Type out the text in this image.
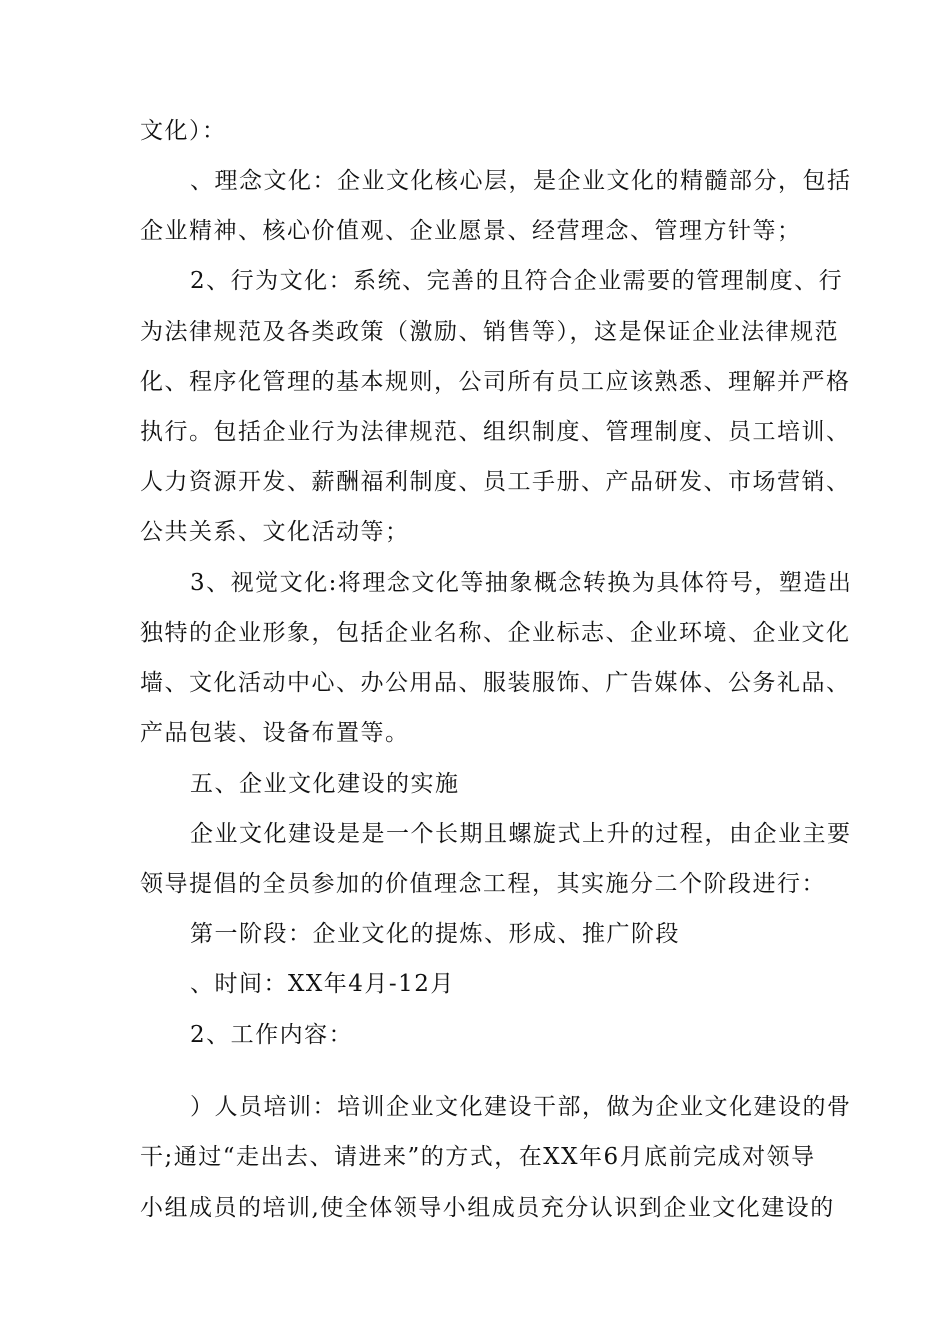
文化）：
、理念文化：企业文化核心层，是企业文化的精髓部分，包括
企业精神、核心价值观、企业愿景、经营理念、管理方针等；
2、行为文化：系统、完善的且符合企业需要的管理制度、行
为法律规范及各类政策（激励、销售等），这是保证企业法律规范
化、程序化管理的基本规则，公司所有员工应该熟悉、理解并严格
执行。包括企业行为法律规范、组织制度、管理制度、员工培训、
人力资源开发、薪酬福利制度、员工手册、产品研发、市场营销、
公共关系、文化活动等；
3、视觉文化:将理念文化等抽象概念转换为具体符号，塑造出
独特的企业形象，包括企业名称、企业标志、企业环境、企业文化
墙、文化活动中心、办公用品、服装服饰、广告媒体、公务礼品、
产品包装、设备布置等。
五、企业文化建设的实施
企业文化建设是是一个长期且螺旋式上升的过程，由企业主要
领导提倡的全员参加的价值理念工程，其实施分二个阶段进行：
第一阶段：企业文化的提炼、形成、推广阶段
、时间：XX年4月-12月
2、工作内容：
）人员培训：培训企业文化建设干部，做为企业文化建设的骨
干;通过“走出去、请进来”的方式，在XX年6月底前完成对领导
小组成员的培训,使全体领导小组成员充分认识到企业文化建设的
